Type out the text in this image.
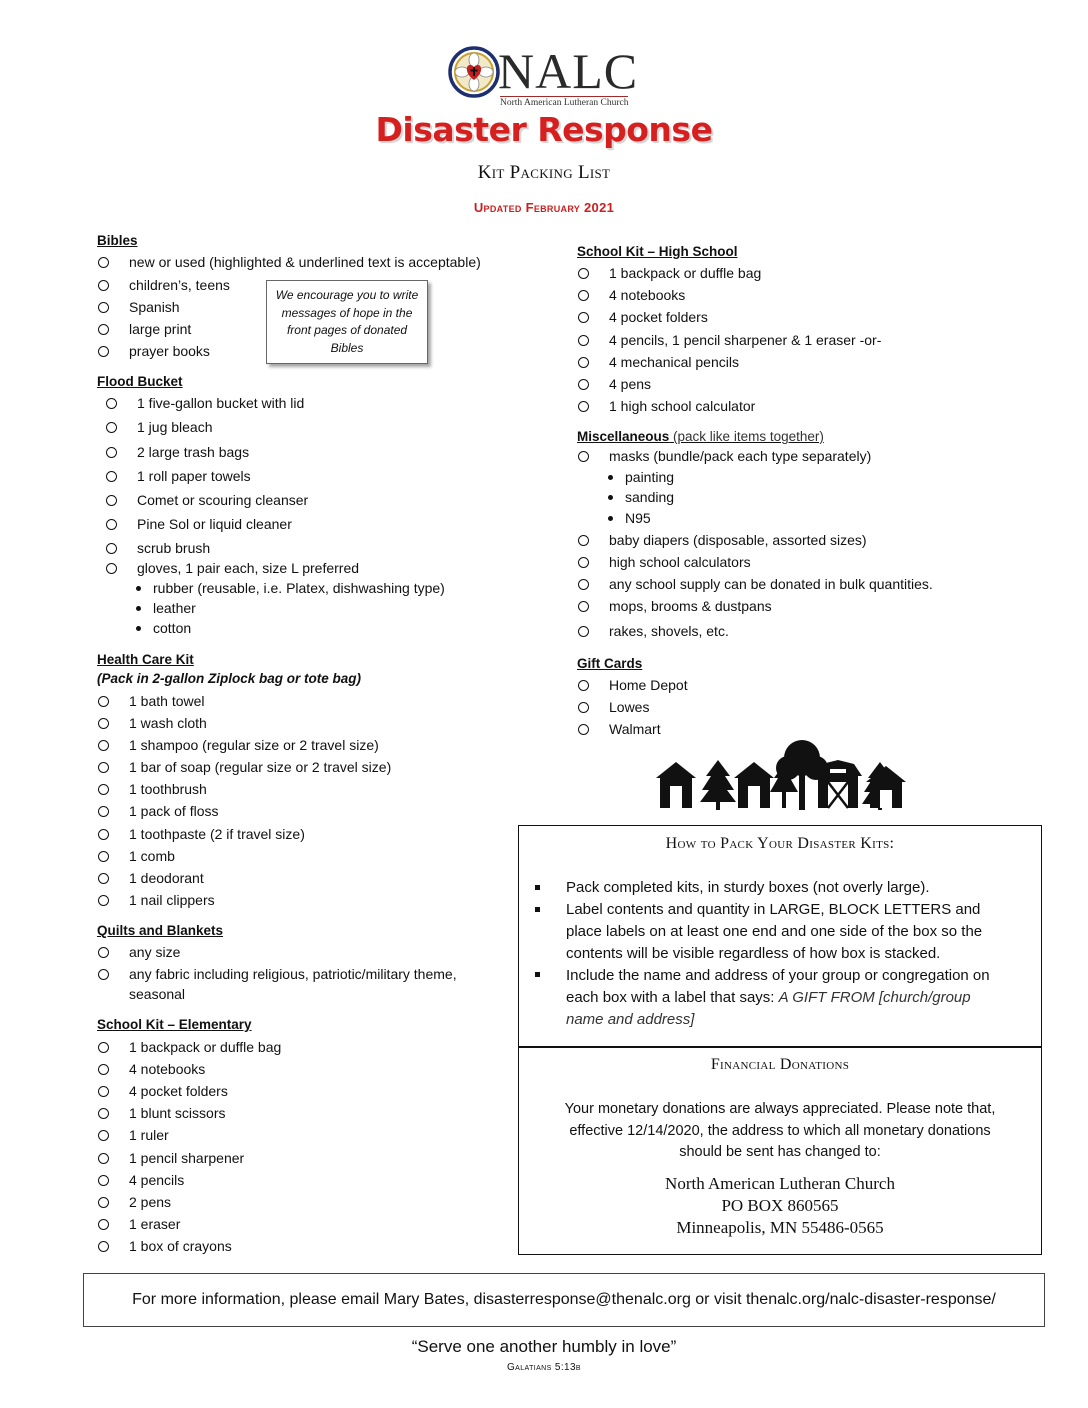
NALC
North American Lutheran Church
Disaster Response
Kit Packing List
Updated February 2021
Bibles
new or used (highlighted & underlined text is acceptable)
children’s, teens
Spanish
large print
prayer books
We encourage you to write messages of hope in the front pages of donated Bibles
Flood Bucket
1 five-gallon bucket with lid
1 jug bleach
2 large trash bags
1 roll paper towels
Comet or scouring cleanser
Pine Sol or liquid cleaner
scrub brush
gloves, 1 pair each, size L preferred
rubber (reusable, i.e. Platex, dishwashing type)
leather
cotton
Health Care Kit
(Pack in 2-gallon Ziplock bag or tote bag)
1 bath towel
1 wash cloth
1 shampoo (regular size or 2 travel size)
1 bar of soap (regular size or 2 travel size)
1 toothbrush
1 pack of floss
1 toothpaste (2 if travel size)
1 comb
1 deodorant
1 nail clippers
Quilts and Blankets
any size
any fabric including religious, patriotic/military theme,
seasonal
School Kit – Elementary
1 backpack or duffle bag
4 notebooks
4 pocket folders
1 blunt scissors
1 ruler
1 pencil sharpener
4 pencils
2 pens
1 eraser
1 box of crayons
School Kit – High School
1 backpack or duffle bag
4 notebooks
4 pocket folders
4 pencils, 1 pencil sharpener & 1 eraser -or-
4 mechanical pencils
4 pens
1 high school calculator
Miscellaneous (pack like items together)
masks (bundle/pack each type separately)
painting
sanding
N95
baby diapers (disposable, assorted sizes)
high school calculators
any school supply can be donated in bulk quantities.
mops, brooms & dustpans
rakes, shovels, etc.
Gift Cards
Home Depot
Lowes
Walmart
How to Pack Your Disaster Kits:
Pack completed kits, in sturdy boxes (not overly large).
Label contents and quantity in LARGE, BLOCK LETTERS and
place labels on at least one end and one side of the box so the
contents will be visible regardless of how box is stacked.
Include the name and address of your group or congregation on
each box with a label that says: A GIFT FROM [church/group
name and address]
Financial Donations
Your monetary donations are always appreciated. Please note that,
effective 12/14/2020, the address to which all monetary donations
should be sent has changed to:
North American Lutheran Church
PO BOX 860565
Minneapolis, MN 55486-0565
For more information, please email Mary Bates, disasterresponse@thenalc.org or visit thenalc.org/nalc-disaster-response/
“Serve one another humbly in love”
Galatians 5:13b
